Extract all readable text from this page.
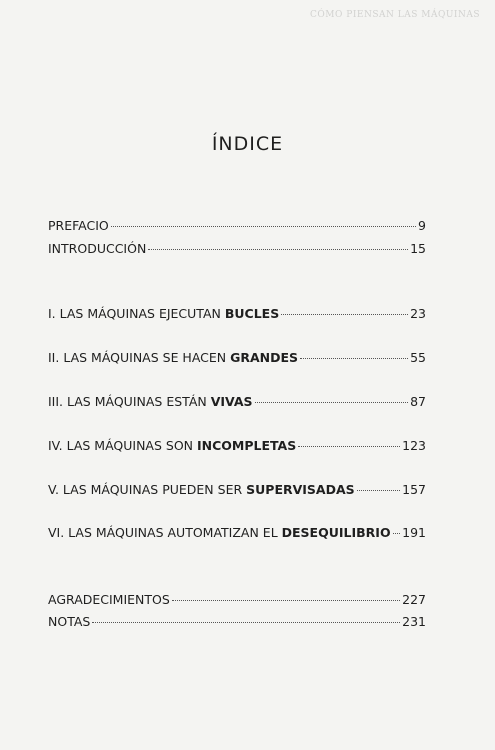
CÓMO PIENSAN LAS MÁQUINAS
ÍNDICE
PREFACIO	9
INTRODUCCIÓN	15
I. LAS MÁQUINAS EJECUTAN BUCLES	23
II. LAS MÁQUINAS SE HACEN GRANDES	55
III. LAS MÁQUINAS ESTÁN VIVAS	87
IV. LAS MÁQUINAS SON INCOMPLETAS	123
V. LAS MÁQUINAS PUEDEN SER SUPERVISADAS	157
VI. LAS MÁQUINAS AUTOMATIZAN EL DESEQUILIBRIO 191
AGRADECIMIENTOS	227
NOTAS	231
